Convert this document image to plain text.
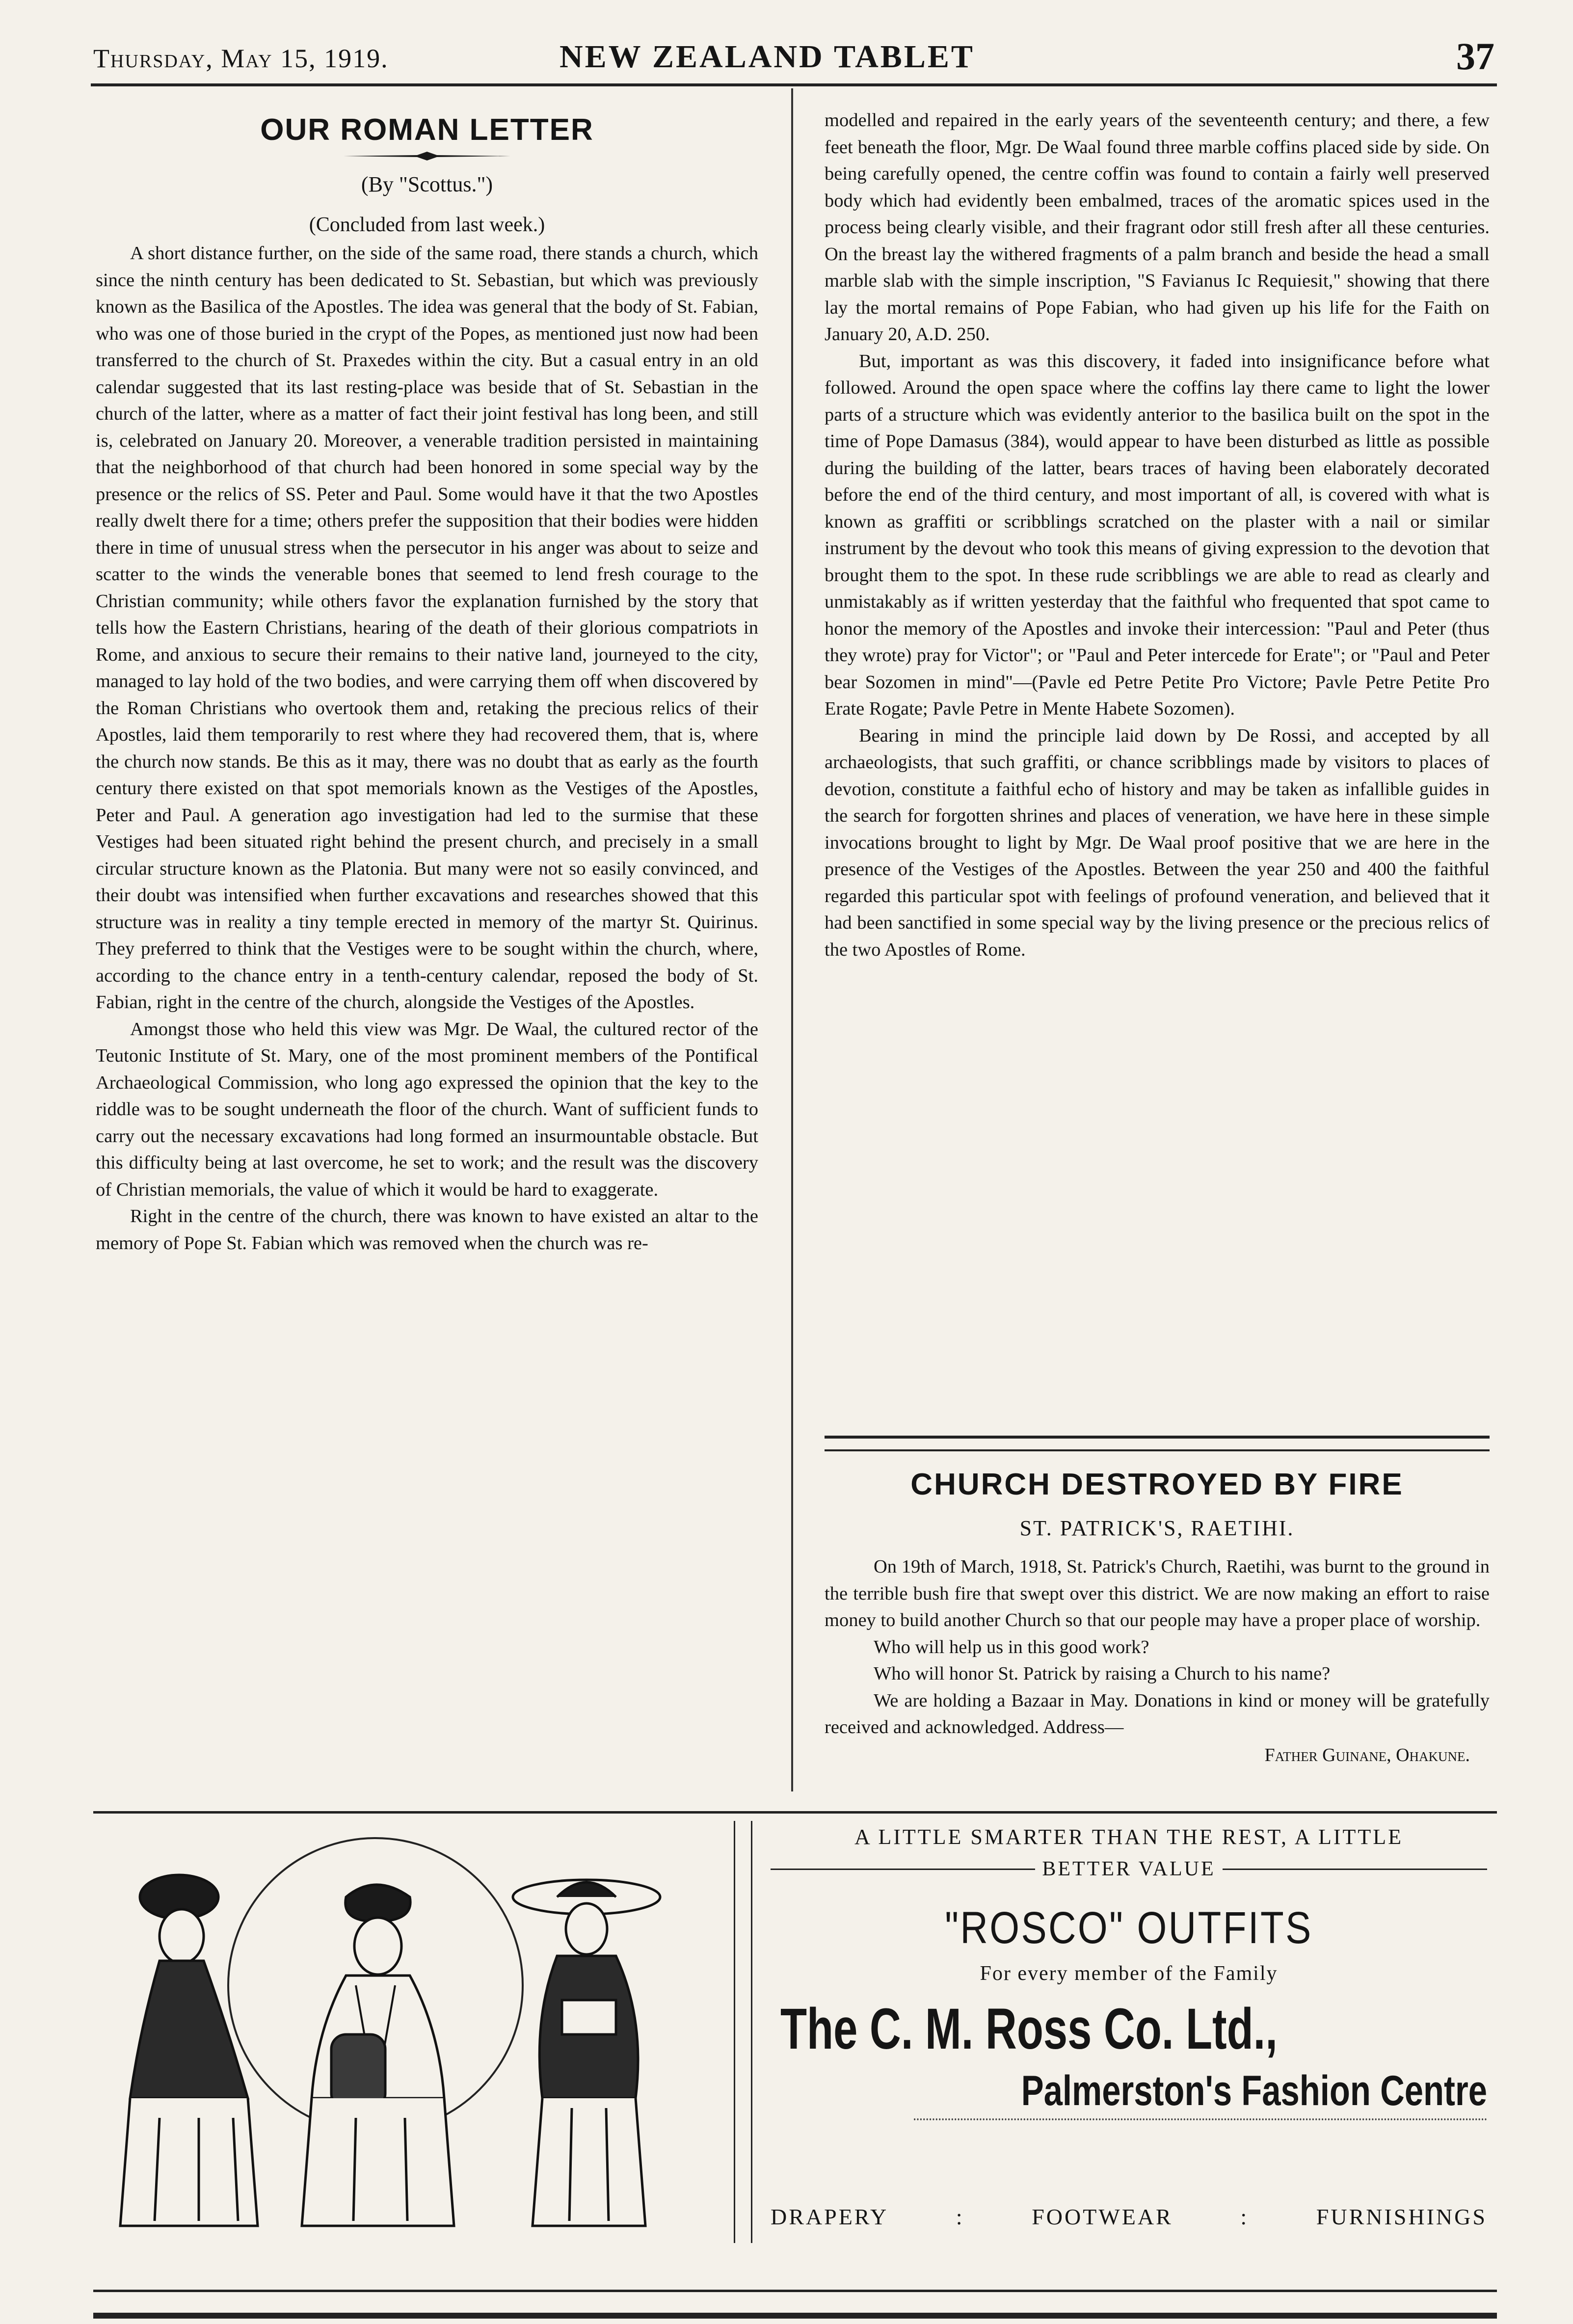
Thursday, May 15, 1919.	NEW ZEALAND TABLET	37
OUR ROMAN LETTER
(By "Scottus.")
(Concluded from last week.)

A short distance further, on the side of the same road, there stands a church, which since the ninth century has been dedicated to St. Sebastian, but which was previously known as the Basilica of the Apostles. The idea was general that the body of St. Fabian, who was one of those buried in the crypt of the Popes, as mentioned just now had been transferred to the church of St. Praxedes within the city. But a casual entry in an old calendar suggested that its last resting-place was beside that of St. Sebastian in the church of the latter, where as a matter of fact their joint festival has long been, and still is, celebrated on January 20. Moreover, a venerable tradition persisted in maintaining that the neighborhood of that church had been honored in some special way by the presence or the relics of SS. Peter and Paul. Some would have it that the two Apostles really dwelt there for a time; others prefer the supposition that their bodies were hidden there in time of unusual stress when the persecutor in his anger was about to seize and scatter to the winds the venerable bones that seemed to lend fresh courage to the Christian community; while others favor the explanation furnished by the story that tells how the Eastern Christians, hearing of the death of their glorious compatriots in Rome, and anxious to secure their remains to their native land, journeyed to the city, managed to lay hold of the two bodies, and were carrying them off when discovered by the Roman Christians who overtook them and, retaking the precious relics of their Apostles, laid them temporarily to rest where they had recovered them, that is, where the church now stands. Be this as it may, there was no doubt that as early as the fourth century there existed on that spot memorials known as the Vestiges of the Apostles, Peter and Paul. A generation ago investigation had led to the surmise that these Vestiges had been situated right behind the present church, and precisely in a small circular structure known as the Platonia. But many were not so easily convinced, and their doubt was intensified when further excavations and researches showed that this structure was in reality a tiny temple erected in memory of the martyr St. Quirinus. They preferred to think that the Vestiges were to be sought within the church, where, according to the chance entry in a tenth-century calendar, reposed the body of St. Fabian, right in the centre of the church, alongside the Vestiges of the Apostles.

Amongst those who held this view was Mgr. De Waal, the cultured rector of the Teutonic Institute of St. Mary, one of the most prominent members of the Pontifical Archaeological Commission, who long ago expressed the opinion that the key to the riddle was to be sought underneath the floor of the church. Want of sufficient funds to carry out the necessary excavations had long formed an insurmountable obstacle. But this difficulty being at last overcome, he set to work; and the result was the discovery of Christian memorials, the value of which it would be hard to exaggerate.

Right in the centre of the church, there was known to have existed an altar to the memory of Pope St. Fabian which was removed when the church was re-

modelled and repaired in the early years of the seventeenth century; and there, a few feet beneath the floor, Mgr. De Waal found three marble coffins placed side by side. On being carefully opened, the centre coffin was found to contain a fairly well preserved body which had evidently been embalmed, traces of the aromatic spices used in the process being clearly visible, and their fragrant odor still fresh after all these centuries. On the breast lay the withered fragments of a palm branch and beside the head a small marble slab with the simple inscription, "S Favianus Ic Requiesit," showing that there lay the mortal remains of Pope Fabian, who had given up his life for the Faith on January 20, A.D. 250.

But, important as was this discovery, it faded into insignificance before what followed. Around the open space where the coffins lay there came to light the lower parts of a structure which was evidently anterior to the basilica built on the spot in the time of Pope Damasus (384), would appear to have been disturbed as little as possible during the building of the latter, bears traces of having been elaborately decorated before the end of the third century, and most important of all, is covered with what is known as graffiti or scribblings scratched on the plaster with a nail or similar instrument by the devout who took this means of giving expression to the devotion that brought them to the spot. In these rude scribblings we are able to read as clearly and unmistakably as if written yesterday that the faithful who frequented that spot came to honor the memory of the Apostles and invoke their intercession: "Paul and Peter (thus they wrote) pray for Victor"; or "Paul and Peter intercede for Erate"; or "Paul and Peter bear Sozomen in mind"—(Pavle ed Petre Petite Pro Victore; Pavle Petre Petite Pro Erate Rogate; Pavle Petre in Mente Habete Sozomen).

Bearing in mind the principle laid down by De Rossi, and accepted by all archaeologists, that such graffiti, or chance scribblings made by visitors to places of devotion, constitute a faithful echo of history and may be taken as infallible guides in the search for forgotten shrines and places of veneration, we have here in these simple invocations brought to light by Mgr. De Waal proof positive that we are here in the presence of the Vestiges of the Apostles. Between the year 250 and 400 the faithful regarded this particular spot with feelings of profound veneration, and believed that it had been sanctified in some special way by the living presence or the precious relics of the two Apostles of Rome.

CHURCH DESTROYED BY FIRE
ST. PATRICK'S, RAETIHI.

On 19th of March, 1918, St. Patrick's Church, Raetihi, was burnt to the ground in the terrible bush fire that swept over this district. We are now making an effort to raise money to build another Church so that our people may have a proper place of worship.

Who will help us in this good work?

Who will honor St. Patrick by raising a Church to his name?

We are holding a Bazaar in May. Donations in kind or money will be gratefully received and acknowledged. Address—

Father Guinane, Ohakune.
A LITTLE SMARTER THAN THE REST, A LITTLE
BETTER VALUE
"ROSCO" OUTFITS
For every member of the Family
The C. M. Ross Co. Ltd.,
Palmerston's Fashion Centre
DRAPERY	:	FOOTWEAR	:	FURNISHINGS
